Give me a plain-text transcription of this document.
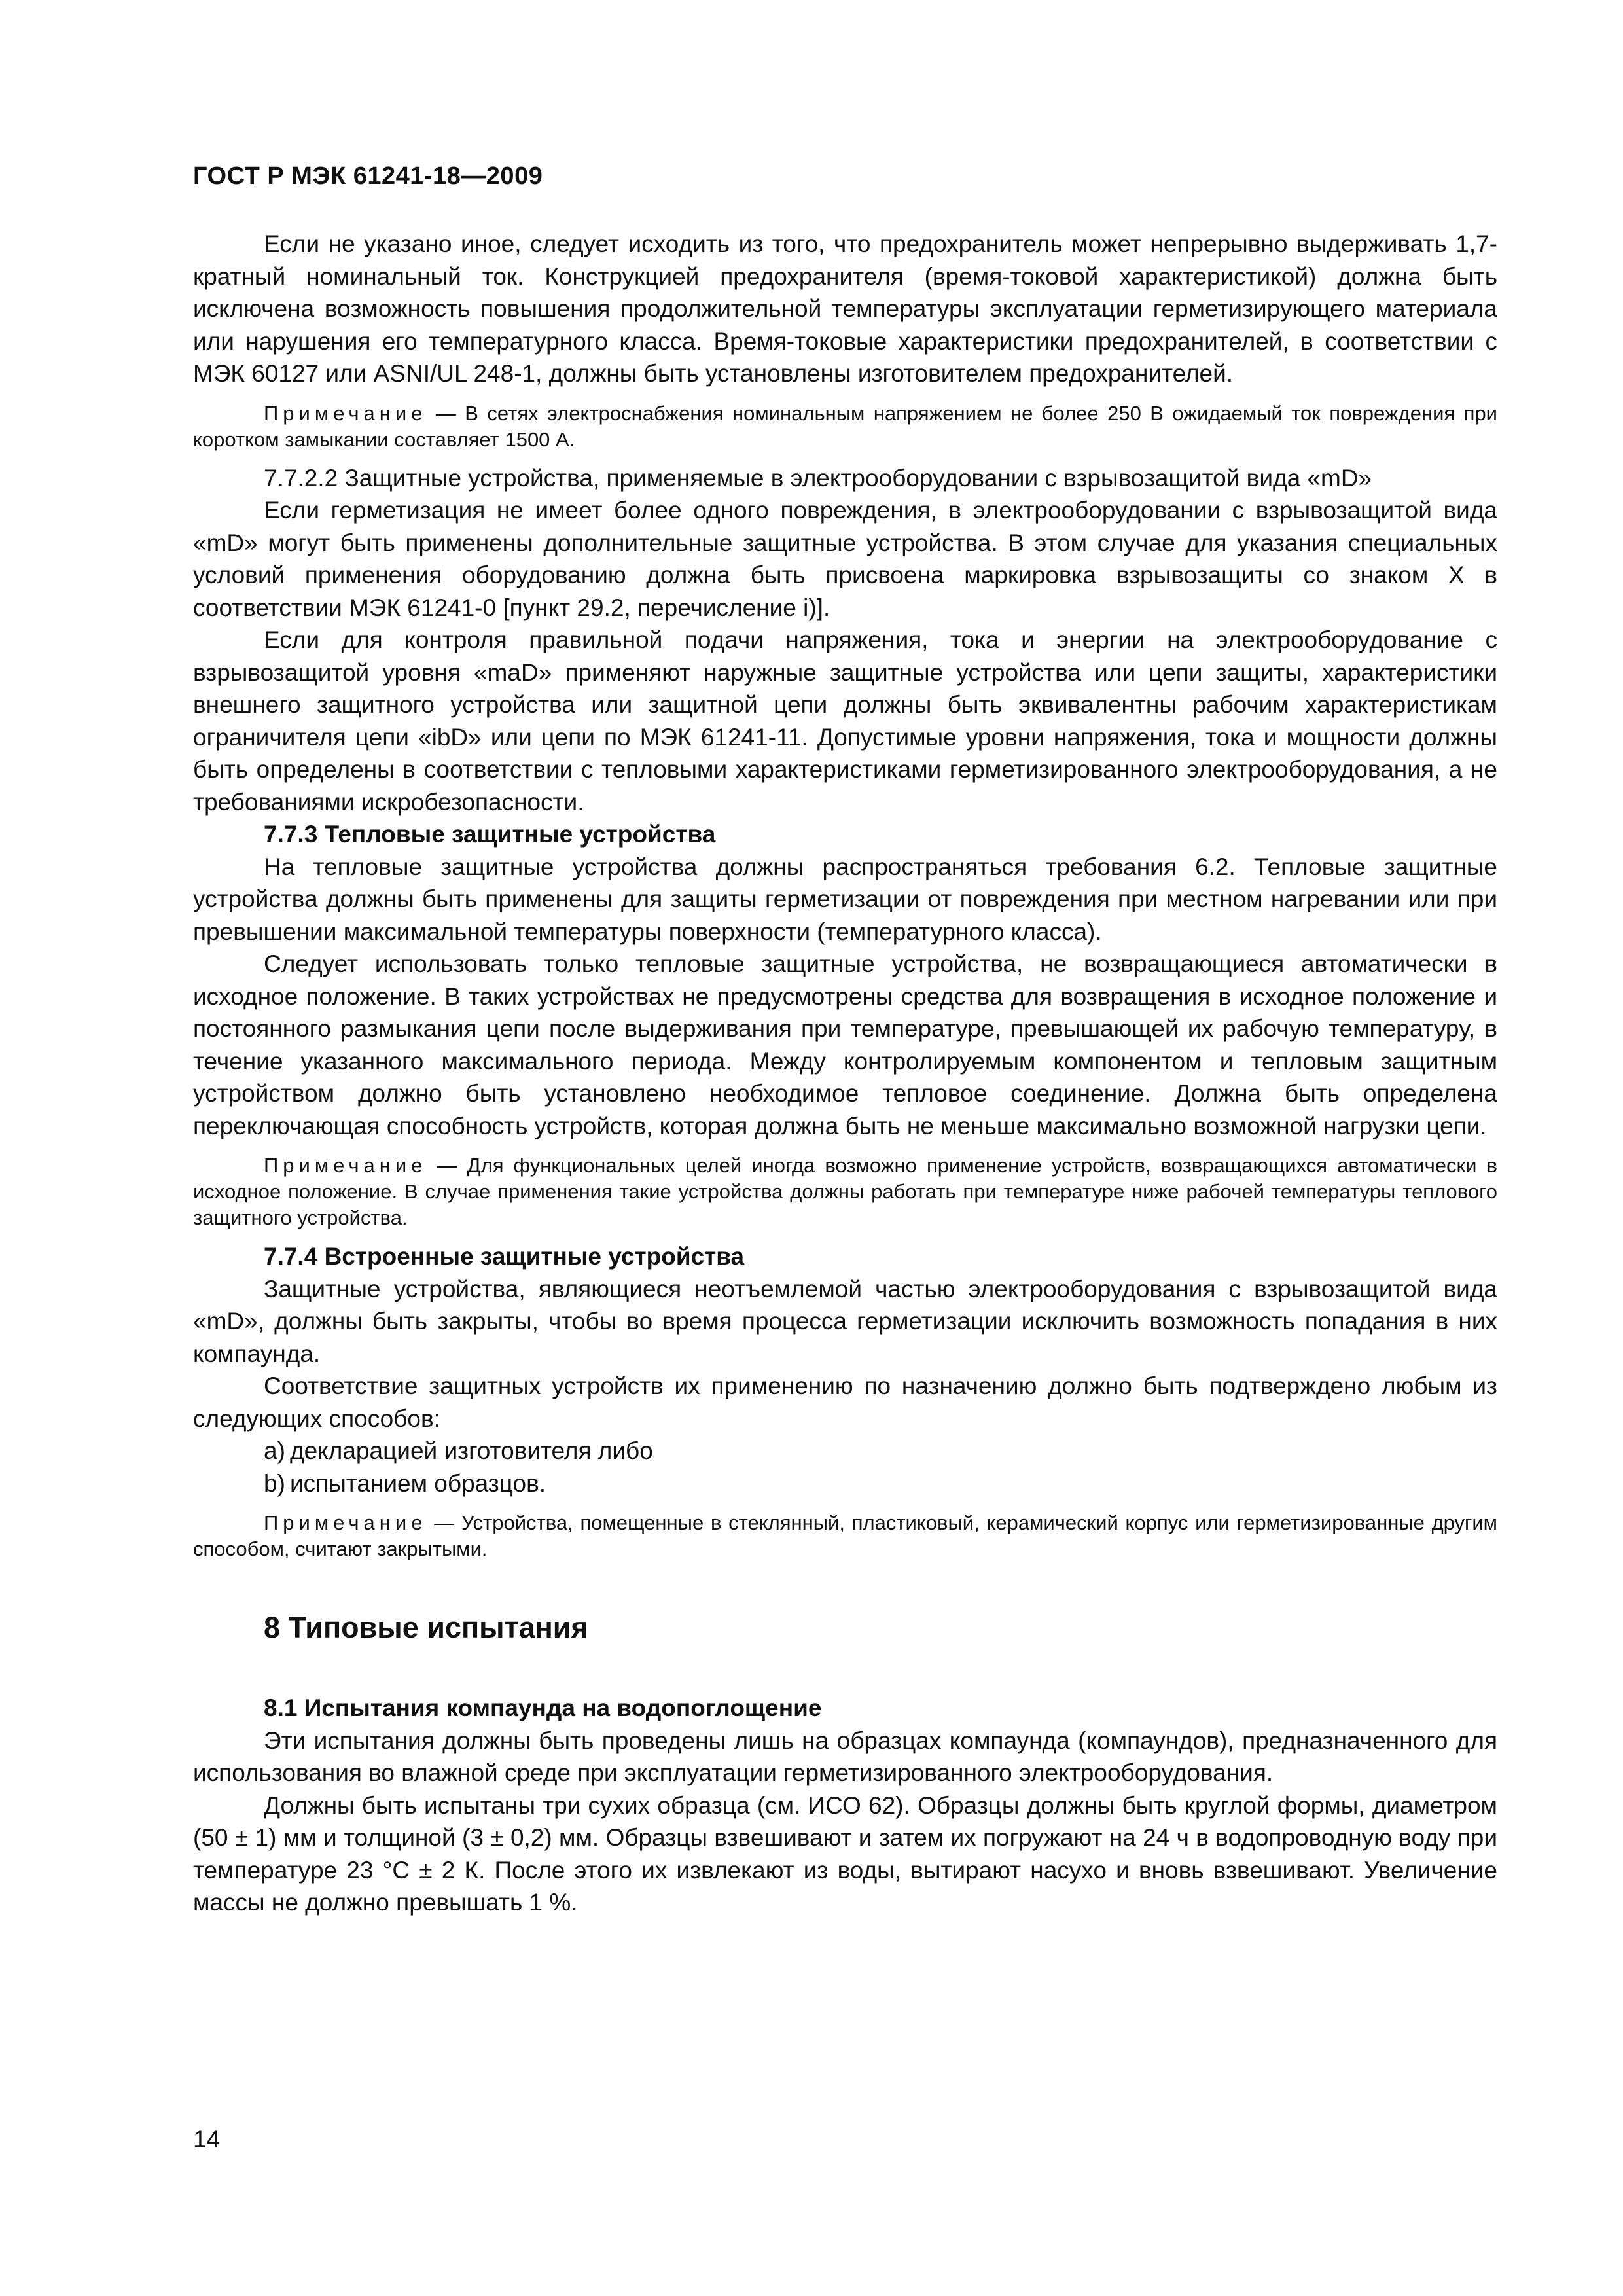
ГОСТ Р МЭК 61241-18—2009

Если не указано иное, следует исходить из того, что предохранитель может непрерывно выдерживать 1,7-кратный номинальный ток. Конструкцией предохранителя (время-токовой характеристикой) должна быть исключена возможность повышения продолжительной температуры эксплуатации герметизирующего материала или нарушения его температурного класса. Время-токовые характеристики предохранителей, в соответствии с МЭК 60127 или ASNI/UL 248-1, должны быть установлены изготовителем предохранителей.

Примечание — В сетях электроснабжения номинальным напряжением не более 250 В ожидаемый ток повреждения при коротком замыкании составляет 1500 А.

7.7.2.2 Защитные устройства, применяемые в электрооборудовании с взрывозащитой вида «mD»

Если герметизация не имеет более одного повреждения, в электрооборудовании с взрывозащитой вида «mD» могут быть применены дополнительные защитные устройства. В этом случае для указания специальных условий применения оборудованию должна быть присвоена маркировка взрывозащиты со знаком Х в соответствии МЭК 61241-0 [пункт 29.2, перечисление i)].

Если для контроля правильной подачи напряжения, тока и энергии на электрооборудование с взрывозащитой уровня «maD» применяют наружные защитные устройства или цепи защиты, характеристики внешнего защитного устройства или защитной цепи должны быть эквивалентны рабочим характеристикам ограничителя цепи «ibD» или цепи по МЭК 61241-11. Допустимые уровни напряжения, тока и мощности должны быть определены в соответствии с тепловыми характеристиками герметизированного электрооборудования, а не требованиями искробезопасности.

7.7.3 Тепловые защитные устройства

На тепловые защитные устройства должны распространяться требования 6.2. Тепловые защитные устройства должны быть применены для защиты герметизации от повреждения при местном нагревании или при превышении максимальной температуры поверхности (температурного класса).

Следует использовать только тепловые защитные устройства, не возвращающиеся автоматически в исходное положение. В таких устройствах не предусмотрены средства для возвращения в исходное положение и постоянного размыкания цепи после выдерживания при температуре, превышающей их рабочую температуру, в течение указанного максимального периода. Между контролируемым компонентом и тепловым защитным устройством должно быть установлено необходимое тепловое соединение. Должна быть определена переключающая способность устройств, которая должна быть не меньше максимально возможной нагрузки цепи.

Примечание — Для функциональных целей иногда возможно применение устройств, возвращающихся автоматически в исходное положение. В случае применения такие устройства должны работать при температуре ниже рабочей температуры теплового защитного устройства.

7.7.4 Встроенные защитные устройства

Защитные устройства, являющиеся неотъемлемой частью электрооборудования с взрывозащитой вида «mD», должны быть закрыты, чтобы во время процесса герметизации исключить возможность попадания в них компаунда.

Соответствие защитных устройств их применению по назначению должно быть подтверждено любым из следующих способов:

a) декларацией изготовителя либо

b) испытанием образцов.

Примечание — Устройства, помещенные в стеклянный, пластиковый, керамический корпус или герметизированные другим способом, считают закрытыми.

8 Типовые испытания
8.1 Испытания компаунда на водопоглощение

Эти испытания должны быть проведены лишь на образцах компаунда (компаундов), предназначенного для использования во влажной среде при эксплуатации герметизированного электрооборудования.

Должны быть испытаны три сухих образца (см. ИСО 62). Образцы должны быть круглой формы, диаметром (50 ± 1) мм и толщиной (3 ± 0,2) мм. Образцы взвешивают и затем их погружают на 24 ч в водопроводную воду при температуре 23 °С ± 2 К. После этого их извлекают из воды, вытирают насухо и вновь взвешивают. Увеличение массы не должно превышать 1 %.

14
